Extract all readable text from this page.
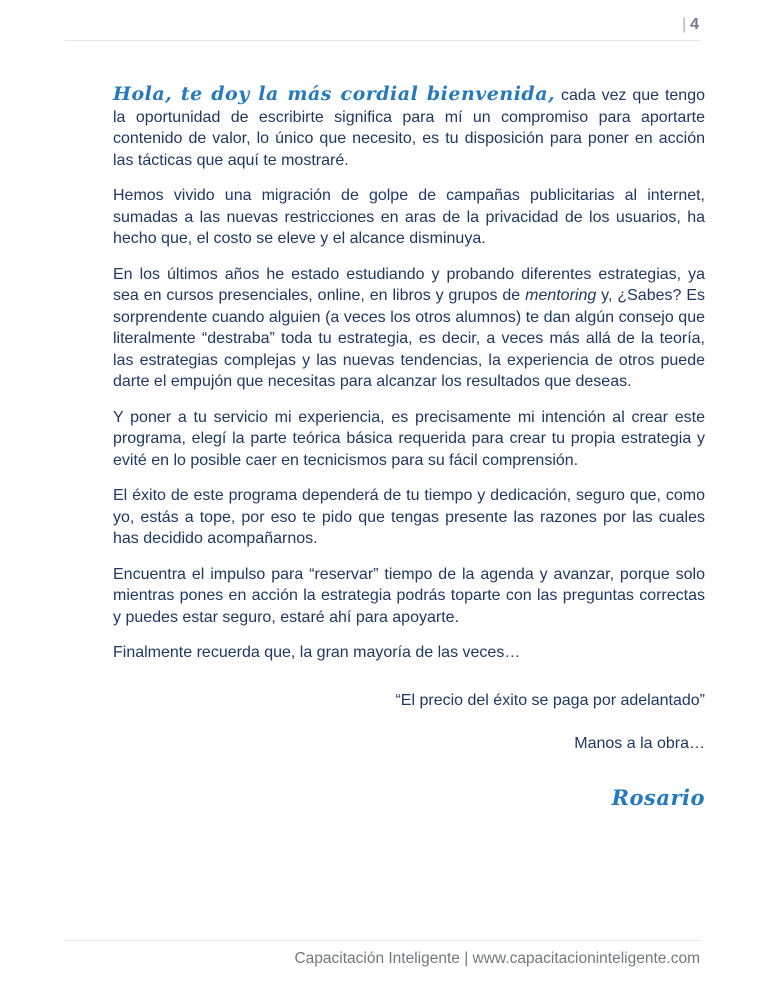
| 4

Hola, te doy la más cordial bienvenida, cada vez que tengo la oportunidad de escribirte significa para mí un compromiso para aportarte contenido de valor, lo único que necesito, es tu disposición para poner en acción las tácticas que aquí te mostraré.

Hemos vivido una migración de golpe de campañas publicitarias al internet, sumadas a las nuevas restricciones en aras de la privacidad de los usuarios, ha hecho que, el costo se eleve y el alcance disminuya.

En los últimos años he estado estudiando y probando diferentes estrategias, ya sea en cursos presenciales, online, en libros y grupos de mentoring y, ¿Sabes? Es sorprendente cuando alguien (a veces los otros alumnos) te dan algún consejo que literalmente “destraba” toda tu estrategia, es decir, a veces más allá de la teoría, las estrategias complejas y las nuevas tendencias, la experiencia de otros puede darte el empujón que necesitas para alcanzar los resultados que deseas.

Y poner a tu servicio mi experiencia, es precisamente mi intención al crear este programa, elegí la parte teórica básica requerida para crear tu propia estrategia y evité en lo posible caer en tecnicismos para su fácil comprensión.

El éxito de este programa dependerá de tu tiempo y dedicación, seguro que, como yo, estás a tope, por eso te pido que tengas presente las razones por las cuales has decidido acompañarnos.

Encuentra el impulso para “reservar” tiempo de la agenda y avanzar, porque solo mientras pones en acción la estrategia podrás toparte con las preguntas correctas y puedes estar seguro, estaré ahí para apoyarte.

Finalmente recuerda que, la gran mayoría de las veces…

“El precio del éxito se paga por adelantado”

Manos a la obra…

Rosario

Capacitación Inteligente | www.capacitacioninteligente.com
